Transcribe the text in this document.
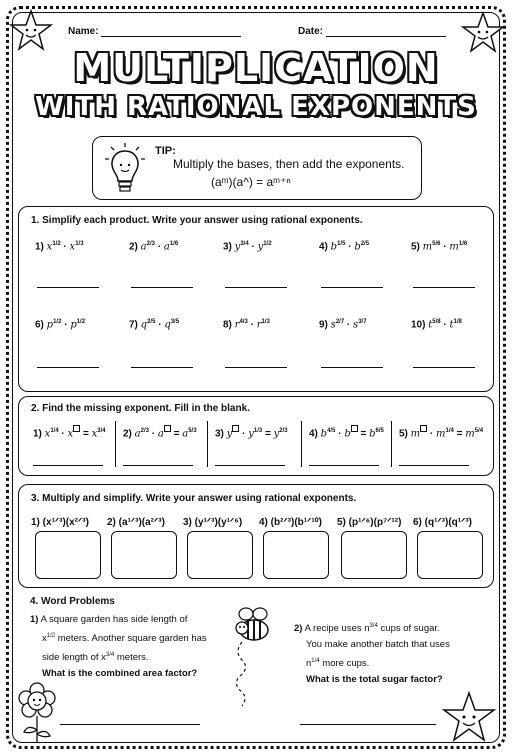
Name:	Date:
MULTIPLICATION
WITH RATIONAL EXPONENTS
TIP:
Multiply the bases, then add the exponents.
(aᵐ)(a^) = aᵐ⁺ⁿ
1. Simplify each product. Write your answer using rational exponents.
1) $x^{1/2} \cdot x^{1/3}$	2) $a^{2/3} \cdot a^{1/6}$	3) $y^{3/4} \cdot y^{1/2}$	4) $b^{1/5} \cdot b^{2/5}$	5) $m^{5/6} \cdot m^{1/6}$
6) $p^{1/2} \cdot p^{1/2}$	7) $q^{2/5} \cdot q^{3/5}$	8) $r^{4/3} \cdot r^{1/3}$	9) $s^{2/7} \cdot s^{3/7}$	10) $t^{5/8} \cdot t^{1/8}$
2. Find the missing exponent. Fill in the blank.
1) $x^{1/4} \cdot x = x^{3/4}$ 2) $a^{2/3} \cdot a = a^{5/3}$ 3) $y \cdot y^{1/3} = y^{2/3}$ 4) $b^{4/5} \cdot b = b^{6/5}$ 5) $m \cdot m^{1/4} = m^{5/4}$
3. Multiply and simplify. Write your answer using rational exponents.
1) (x¹ᐟ³)(x²ᐟ³) 2) (a¹ᐟ³)(a²ᐟ³) 3) (y¹ᐟ³)(y¹ᐟ⁶) 4) (b²ᐟ³)(b¹ᐟ¹⁰) 5) (p¹ᐟ⁶)(p⁷ᐟ¹²) 6) (q¹ᐟ³)(q¹ᐟ³)
4. Word Problems
1) A square garden has side length of
$x^{1/2}$ meters. Another square garden has
side length of $x^{3/4}$ meters.
What is the combined area factor?
2) A recipe uses $n^{3/4}$ cups of sugar.
You make another batch that uses
$n^{1/4}$ more cups.
What is the total sugar factor?
